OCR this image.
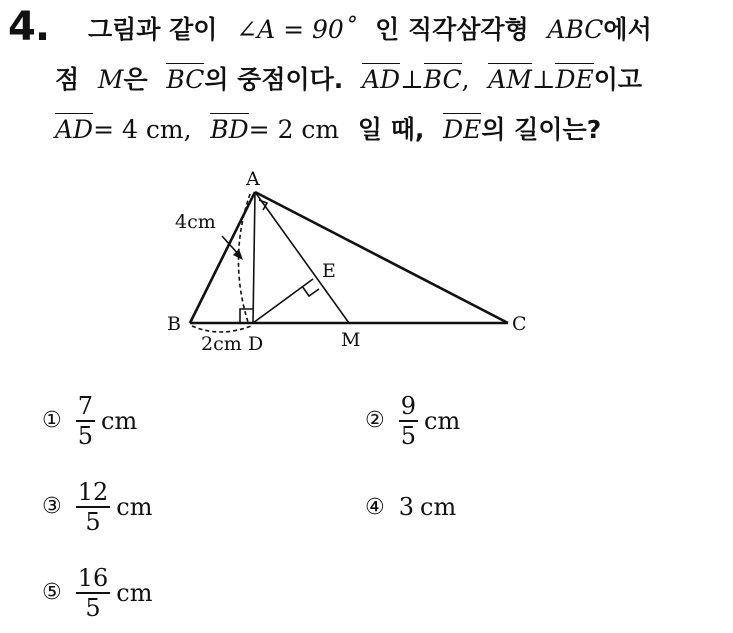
4. 그림과 같이 ∠A = 90˚ 인 직각삼각형 ABC에서
점 M은 BC의 중점이다. AD⊥BC, AM⊥DE이고
AD= 4 cm, BD= 2 cm 일 때, DE의 길이는?
A
B	C
D
E
M
4cm
2cm
① $\frac{7}{5}$ cm	② $\frac{9}{5}$ cm
③ $\frac{12}{5}$ cm	④ 3 cm
⑤ $\frac{16}{5}$ cm
